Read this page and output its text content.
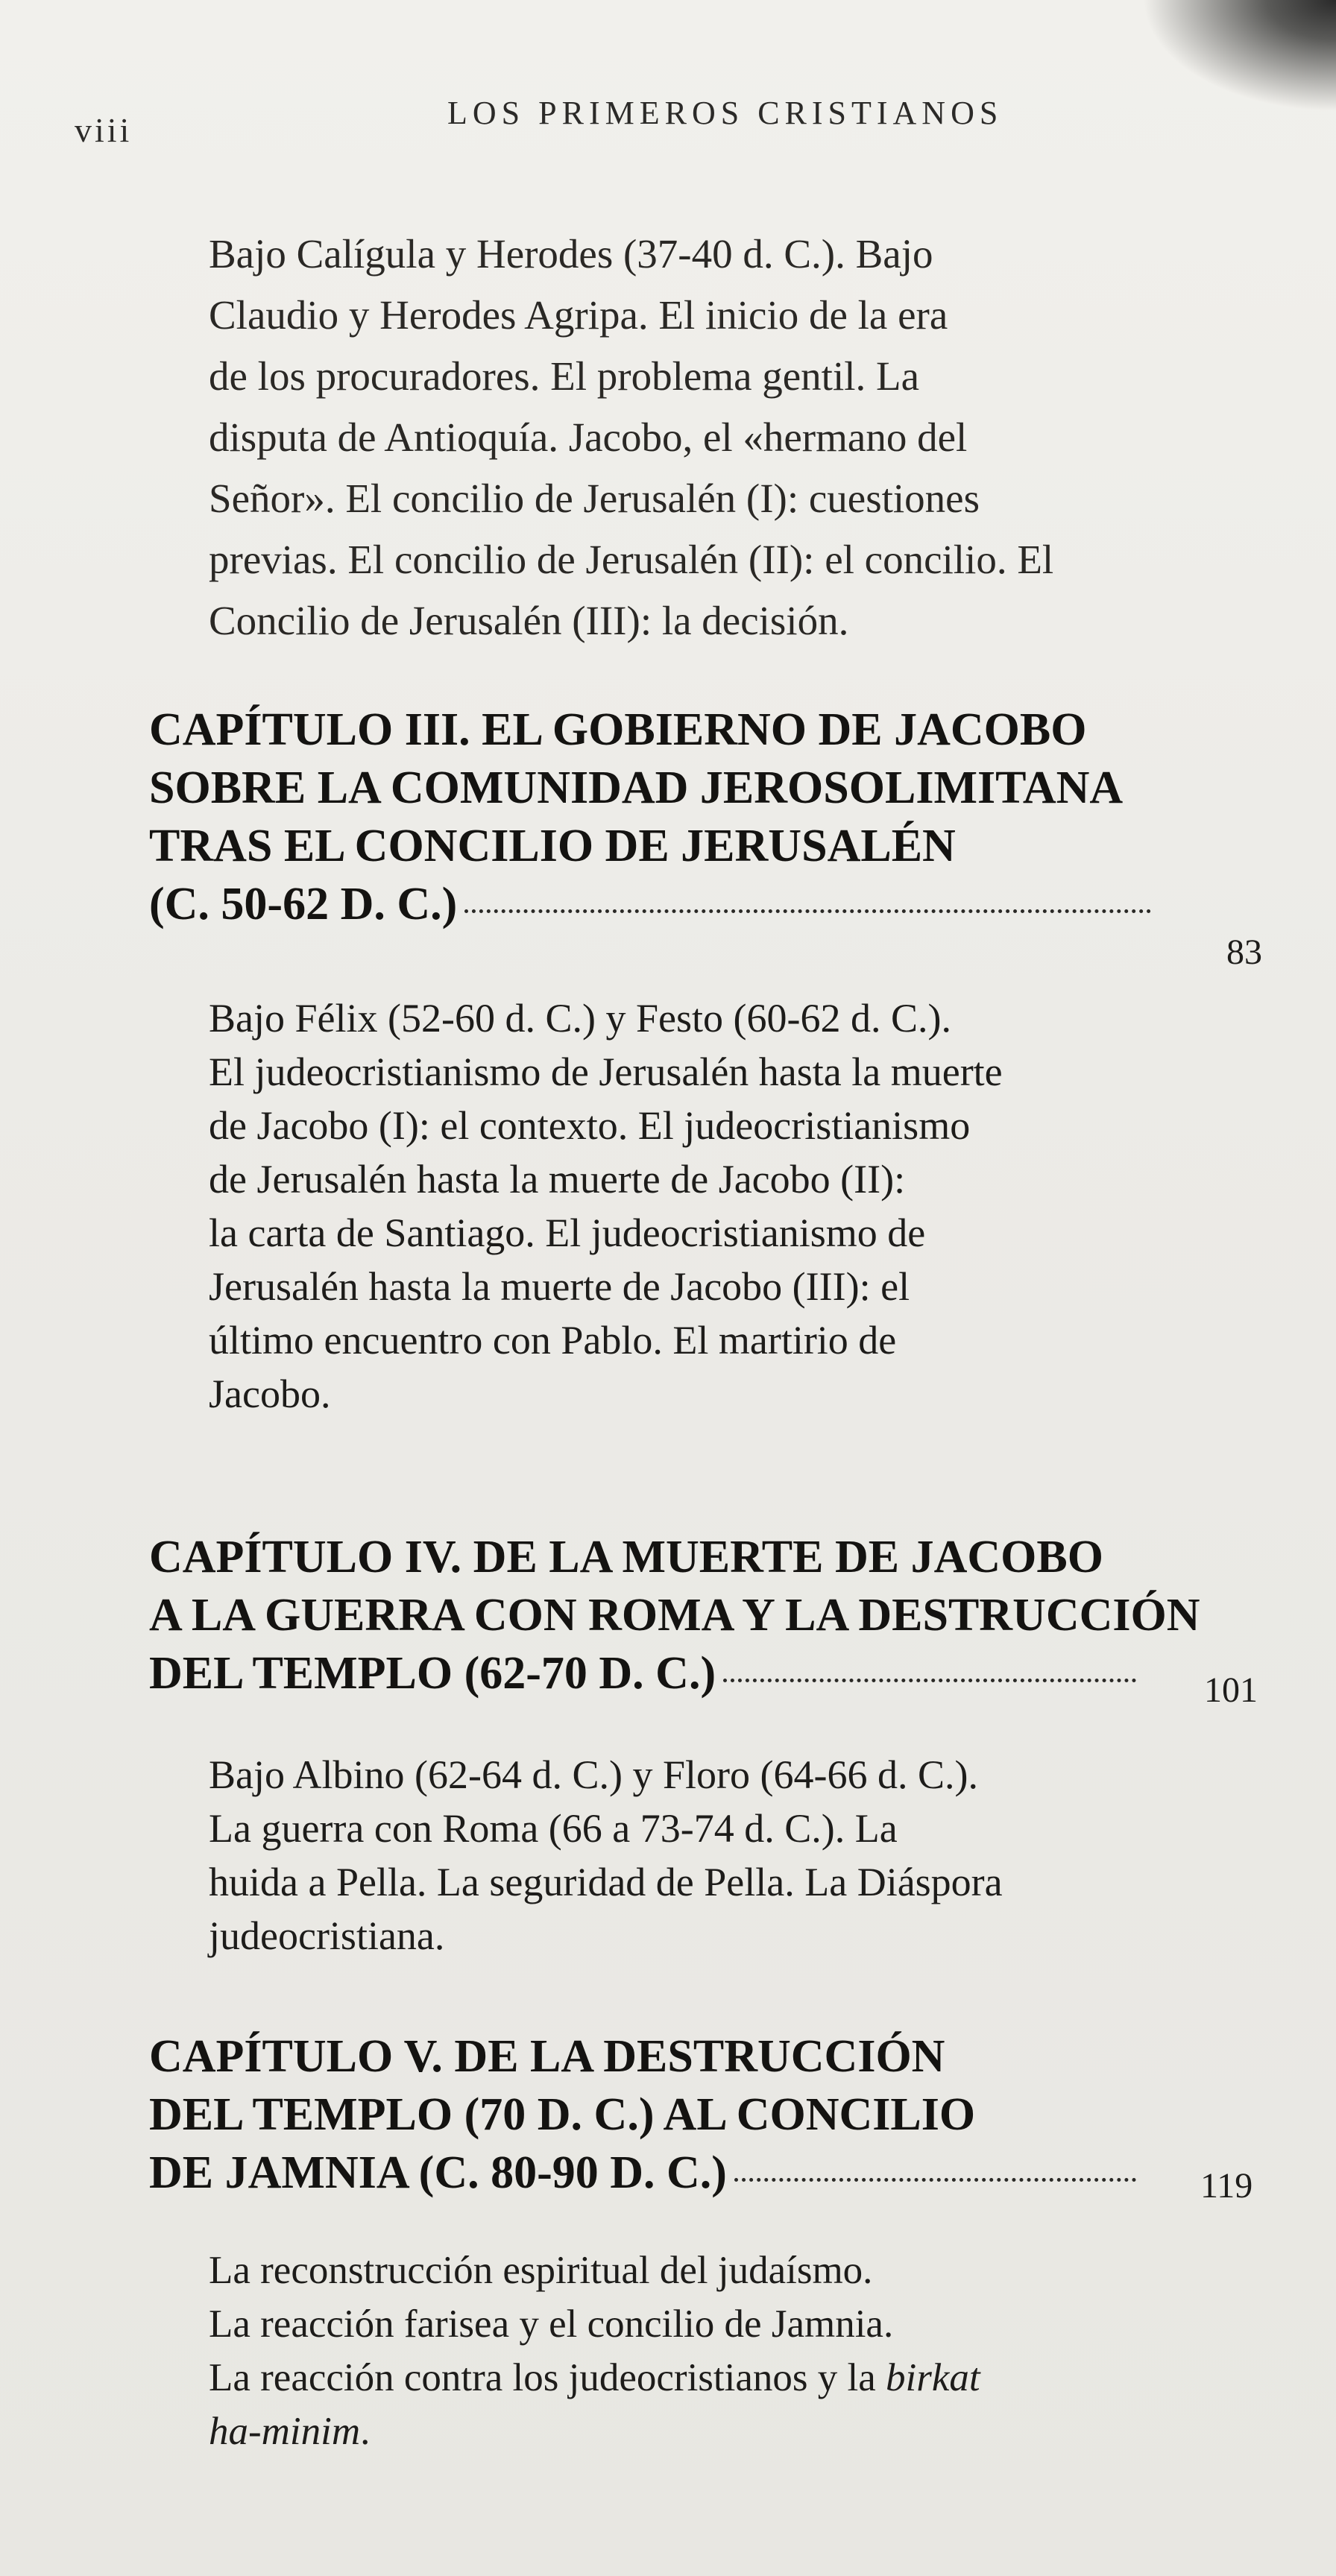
viii	LOS PRIMEROS CRISTIANOS
Bajo Calígula y Herodes (37-40 d. C.). Bajo
Claudio y Herodes Agripa. El inicio de la era
de los procuradores. El problema gentil. La
disputa de Antioquía. Jacobo, el «hermano del
Señor». El concilio de Jerusalén (I): cuestiones
previas. El concilio de Jerusalén (II): el concilio. El
Concilio de Jerusalén (III): la decisión.
CAPÍTULO III. EL GOBIERNO DE JACOBO
SOBRE LA COMUNIDAD JEROSOLIMITANA
TRAS EL CONCILIO DE JERUSALÉN
(C. 50-62 D. C.)
83
Bajo Félix (52-60 d. C.) y Festo (60-62 d. C.).
El judeocristianismo de Jerusalén hasta la muerte
de Jacobo (I): el contexto. El judeocristianismo
de Jerusalén hasta la muerte de Jacobo (II):
la carta de Santiago. El judeocristianismo de
Jerusalén hasta la muerte de Jacobo (III): el
último encuentro con Pablo. El martirio de
Jacobo.
CAPÍTULO IV. DE LA MUERTE DE JACOBO
A LA GUERRA CON ROMA Y LA DESTRUCCIÓN
DEL TEMPLO (62-70 D. C.)	101
Bajo Albino (62-64 d. C.) y Floro (64-66 d. C.).
La guerra con Roma (66 a 73-74 d. C.). La
huida a Pella. La seguridad de Pella. La Diáspora
judeocristiana.
CAPÍTULO V. DE LA DESTRUCCIÓN
DEL TEMPLO (70 D. C.) AL CONCILIO
DE JAMNIA (C. 80-90 D. C.)	119
La reconstrucción espiritual del judaísmo.
La reacción farisea y el concilio de Jamnia.
La reacción contra los judeocristianos y la birkat
ha-minim.
